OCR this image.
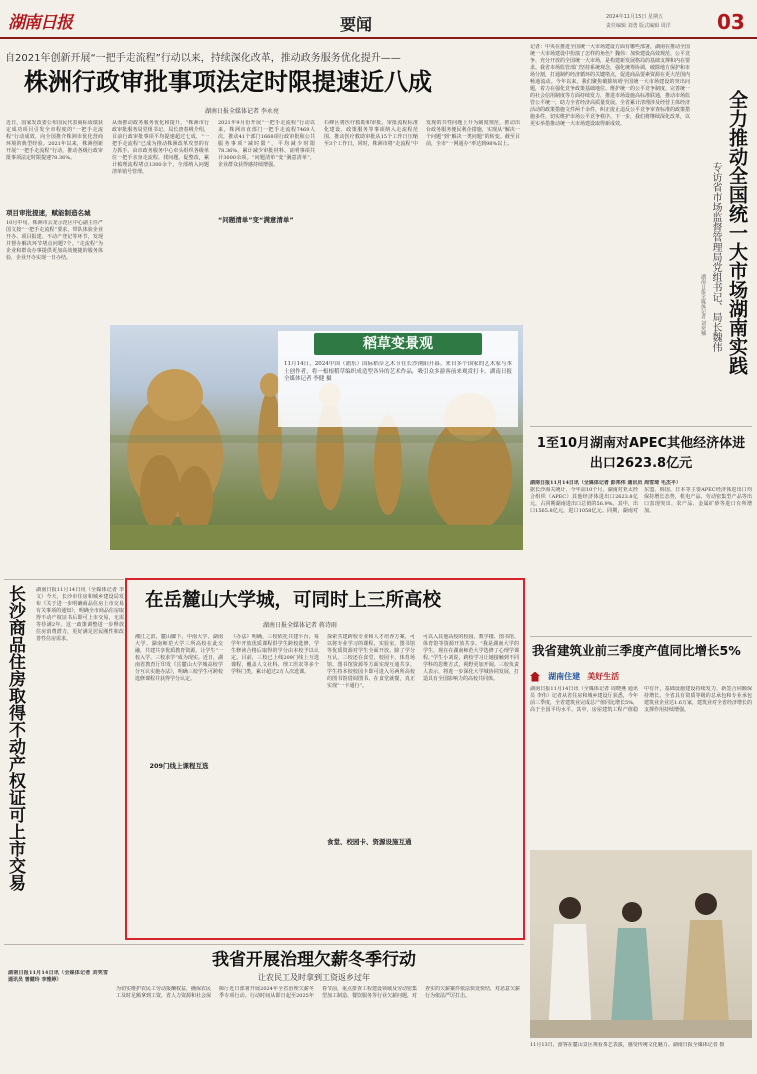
湖南日报	要闻	2024年11月15日 星期五
责任编辑 刘勇 版式编辑 周洋	03
自2021年创新开展“一把手走流程”行动以来，持续深化改革，推动政务服务优化提升——
株洲行政审批事项法定时限提速近八成
湖南日报全媒体记者 李永亮
近日，国家发改委公布国民代表商标成绩获定成功项目引发全市程度的“一把手走流程”行动成效，向全国推介株洲市优化营商环境的典型经验。2021年以来，株洲创新开展“一把手走流程”行动，推动各级行政审批事项法定时限提速78.36%。
项目审批提速，赋能制造名城
10月中旬，株洲市云龙示范区中心副主任严国文按“一把手走流程”要求，带队体验企业开办、项目报建、不动产登记等环节，发现并督办解决环节堵点问题7个。“走流程”为企业和群众办事提供更加高效便捷的服务体验，企业开办实现一日办结。
从而推动政务服务优化和提升，“株洲市行政审批服务局党组书记、局长唐春桃介绍，目前行政审批事项平均提速超过七成，“一把手走流程”已成为推动株洲改革攻坚的有力抓手。由市政务服务中心牵头组织各级单位一把手亲身走流程、找问题、促整改，累计梳理流程堵点1300余个，全部纳入问题清单销号管理。
2021年9月份开展“一把手走流程”行动以来，株洲市直部门一把手走流程7469人次，推动41个部门1668项行政审批和公共服务事项“减时限”，平均减少时限78.36%，累计减少审批材料、证明事项共计3000余项。“问题清单”变“满意清单”，企业群众获得感持续增强。
“问题清单”变“满意清单”
石峰区将医疗救助和审批、审批流程标准化建设、政策服务等事项纳入走流程范围，推动医疗救助审批从15个工作日压缩至3个工作日。同时，株洲市将“走流程”中发现的共性问题上升为制度规范，推动出台政务服务便民利企措施，实现从“解决一个问题”到“解决一类问题”的转变。截至目前，全市“一网通办”率达到98%以上。
稻草变景观
11月14日，2024中国（浦东）国际稻草艺术节在长沙浏阳开幕。来自多个国家的艺术家与本土创作者，将一根根稻草编织成造型各异的艺术作品，吸引众多游客前来观赏打卡。湖南日报全媒体记者 李健 摄
长沙商品住房取得不动产权证可上市交易 湖南日报11月14日讯（全媒体记者 李文）今天，长沙市住房和城乡建设局发布《关于进一步明确商品住房上市交易有关事项的通知》，明确全市商品住房取得不动产权证书后即可上市交易，无需等待满2年。这一政策调整进一步释放住房消费潜力，更好满足居民刚性和改善性住房需求。
在岳麓山大学城，可同时上三所高校
湖南日报全媒体记者 蒋诗雨
湘江之滨，麓山脚下，中南大学、湖南大学、湖南师范大学三所高校在此交融，共建共享优质教育资源，让学生“一校入学、三校求学”成为现实。近日，湖南省教育厅印发《岳麓山大学城高校学分互认实施办法》，明确三校学生可跨校选修课程并获得学分认定。
209门线上课程互选
《办法》明确，三校依托共建平台，每学年开放优质课程供学生跨校选修，学生修读合格后取得的学分由本校予以认定。目前，三校已上线209门线上互选课程，覆盖人文社科、理工医农等多个学科门类，累计超过2万人次选课。
探索共建跨校专业和人才培养方案，可以将专业学习的课程、实验室、图书馆等优质资源对学生全面开放。除了学分互认，三校还在食堂、校园卡、体育场馆、图书馆资源等方面实现互通共享。学生持本校校园卡即可进入另两所高校的图书馆借阅图书、在食堂就餐，真正实现“一卡通行”。
食堂、校园卡、资源设施互通
可以入其他高校的校园，教学楼、图书馆、体育馆等资源开放共享。“我是湖南大学的学生，现在在湖南师范大学选修了心理学课程。”学生小刘说，跨校学习让她接触到不同学科的思维方式，视野更加开阔。三校负责人表示，将进一步深化大学城协同发展，打造具有全国影响力的高校共同体。
记者：中央在推进全国统一大市场建设方面有哪些部署，湖南在推动全国统一大市场建设中扮演了怎样的角色？魏伟：加快建设高效规范、公平竞争、充分开放的全国统一大市场，是构建新发展格局的基础支撑和内在要求。我省市场监管部门坚持系统观念，强化统筹协调，破除地方保护和市场分割，打通制约经济循环的关键堵点，促进商品要素资源在更大范围内畅通流动。今年以来，我们聚焦破除妨碍全国统一大市场建设的突出问题，着力在强化竞争政策基础地位、维护统一的公平竞争制度、完善统一的社会信用制度等方面持续发力，推进市场设施高标准联通，推动市场监管公平统一，助力全省经济高质量发展。全省累计清理涉及经营主体经济活动的政策措施文件两千余件，纠正废止违反公平竞争审查标准的政策措施多件，切实维护市场公平竞争秩序。下一步，我们将继续深化改革，以更实举措推动统一大市场建设取得新成效。	全力推动全国统一大市场湖南实践
专访省市场监督管理局党组书记、局长魏伟
湖南日报全媒体记者 刘奕楠
1至10月湖南对APEC其他经济体进出口2623.8亿元
湖南日报11月14日讯（全媒体记者 彭邦伟 通讯员 周雪琦 毛杰平）
据长沙海关统计，今年前10个月，湖南对亚太经合组织（APEC）其他经济体进出口2623.8亿元，占同期湖南进出口总值的56.9%。其中，出口1565.8亿元，进口1058亿元。同期，湖南对东盟、韩国、日本等主要APEC经济体进出口均保持增长态势，机电产品、劳动密集型产品等出口表现突出，农产品、金属矿砂等进口有所增加。
我省建筑业前三季度产值同比增长5%
湖南住建 美好生活
湖南日报11月14日讯（全媒体记者 周晓燕 通讯员 李伟）记者从省住房和城乡建设厅获悉，今年前三季度，全省建筑业完成总产值同比增长5%，高于全国平均水平。其中，房屋建筑工程产值稳中有升，基础设施建设持续发力，新签合同额保持增长。全省具有资质等级的总承包和专业承包建筑业企业达1.6万家，建筑业对全省经济增长的支撑作用持续增强。
湖南日报11月14日讯（全媒体记者 刘笑雪 通讯员 曾健玲 李雅婷）
我省开展治理欠薪冬季行动
让农民工及时拿到工资返乡过年
为切实维护农民工劳动报酬权益，确保农民工及时足额拿到工资，省人力资源和社会保障厅近日部署开展2024年全省治理欠薪冬季专项行动。行动时间从即日起至2025年春节前，重点排查工程建设领域及劳动密集型加工制造、餐饮服务等行业欠薪问题，对查实的欠薪案件依法快处快结，对恶意欠薪行为依法严厉打击。
11月13日，游客在麓山景区观看茶艺表演，感受传统文化魅力。湖南日报全媒体记者 摄
